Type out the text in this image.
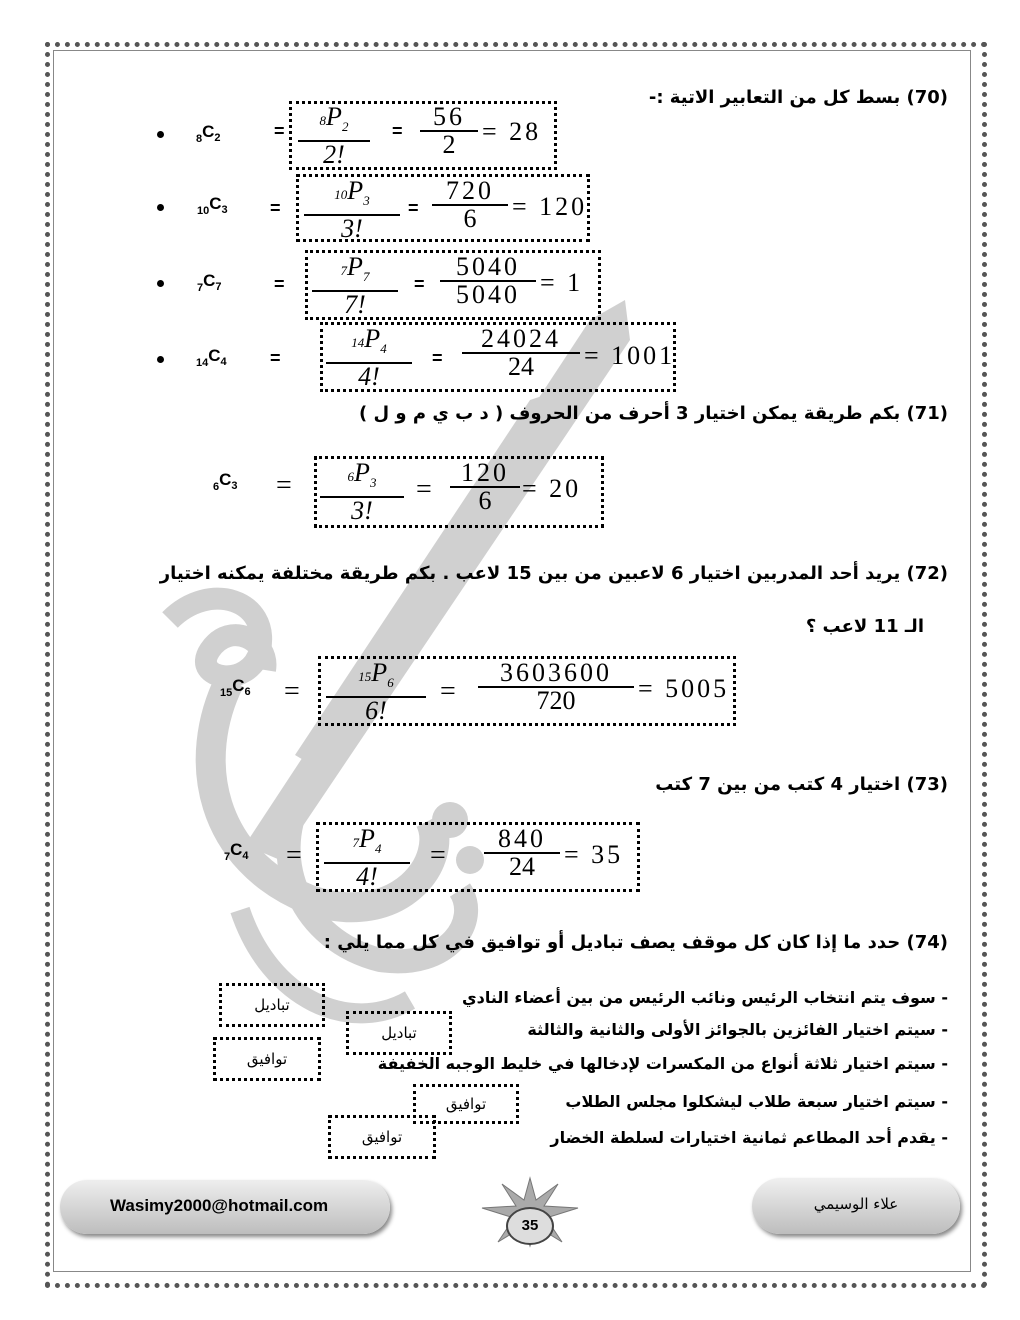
(70) بسط كل من التعابير الاتية :-
$_8C_2$	= $\frac{8P_2}{2!} = \frac{56}{2} = 28$
$_{10}C_3 = \frac{10P_3}{3!} = \frac{720}{6} = 120$
$_7C_7$	= $\frac{7P_7}{7!} = \frac{5040}{5040} = 1$
$_{14}C_4$ =	$\frac{14P_4}{4!} = \frac{24024}{24} = 1001$
(71) بكم طريقة يمكن اختيار 3 أحرف من الحروف ( د ب ي م و ل )
$_6C_3 = \frac{6P_3}{3!} = \frac{120}{6} = 20$
(72) يريد أحد المدربين اختيار 6 لاعبين من بين 15 لاعب . بكم طريقة مختلفة يمكنه اختيار
الـ 11 لاعب ؟
$_{15}C_6 = \frac{15P_6}{6!} = \frac{3603600}{720} = 5005$
(73) اختيار 4 كتب من بين 7 كتب
$_7C_4 = \frac{7P_4}{4!} = \frac{840}{24} = 35$
(74) حدد ما إذا كان كل موقف يصف تباديل أو توافيق في كل مما يلي :
- سوف يتم انتخاب الرئيس ونائب الرئيس من بين أعضاء النادي
- سيتم اختيار الفائزين بالجوائز الأولى والثانية والثالثة
- سيتم اختيار ثلاثة أنواع من المكسرات لإدخالها في خليط الوجبه الخفيفة
- سيتم اختيار سبعة طلاب ليشكلوا مجلس الطلاب
- يقدم أحد المطاعم ثمانية اختيارات لسلطة الخضار
تباديل
تباديل
توافيق
توافيق
توافيق
Wasimy2000@hotmail.com
35
علاء الوسيمي
